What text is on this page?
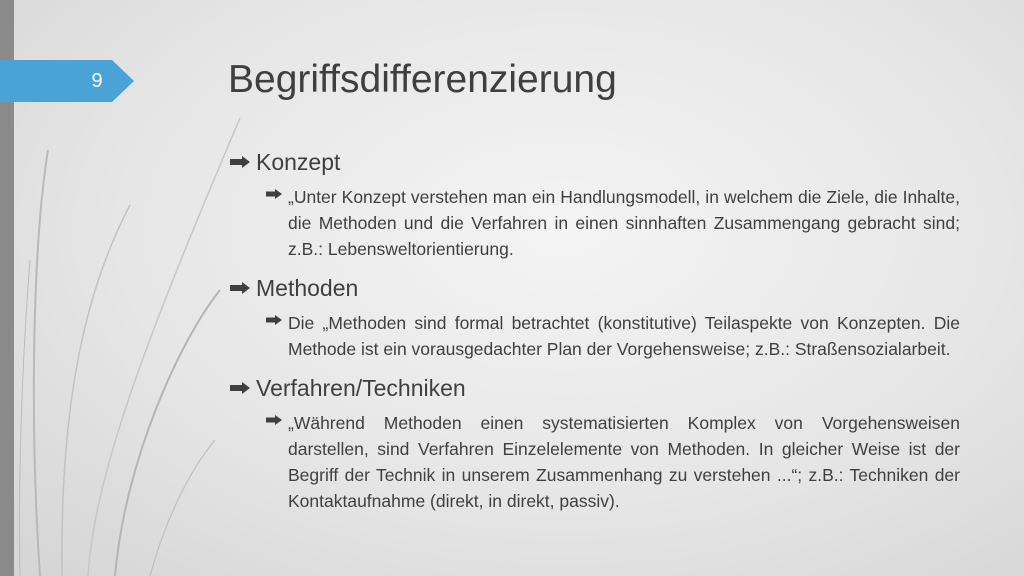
9	Begriffsdifferenzierung
Konzept
„Unter Konzept verstehen man ein Handlungsmodell, in welchem die Ziele, die Inhalte, die Methoden und die Verfahren in einen sinnhaften Zusammengang gebracht sind; z.B.: Lebensweltorientierung.
Methoden
Die „Methoden sind formal betrachtet (konstitutive) Teilaspekte von Konzepten. Die Methode ist ein vorausgedachter Plan der Vorgehensweise; z.B.: Straßensozialarbeit.
Verfahren/Techniken
„Während Methoden einen systematisierten Komplex von Vorgehensweisen darstellen, sind Verfahren Einzelelemente von Methoden. In gleicher Weise ist der Begriff der Technik in unserem Zusammenhang zu verstehen ...“; z.B.: Techniken der Kontaktaufnahme (direkt, in direkt, passiv).
